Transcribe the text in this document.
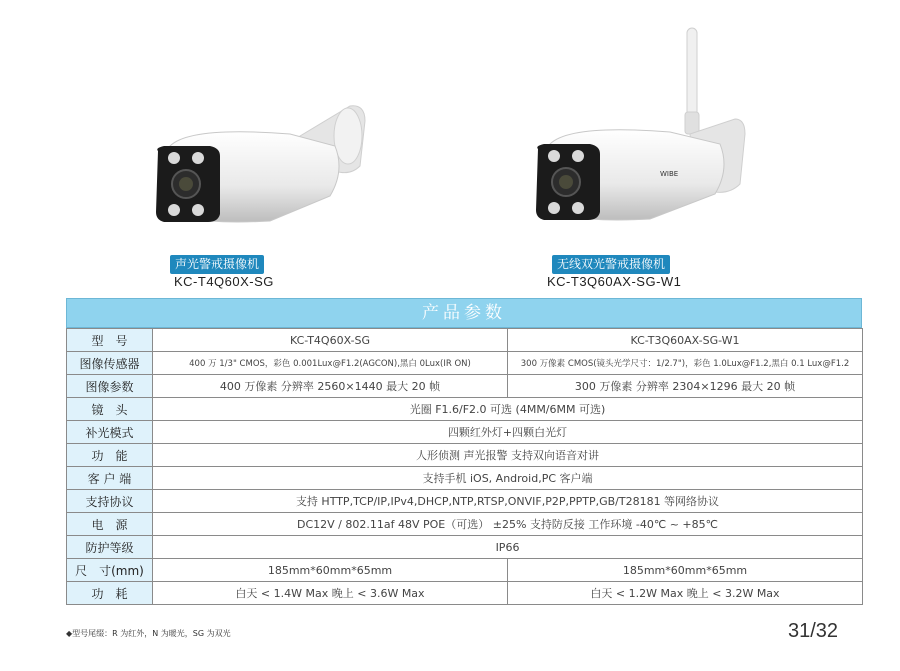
WIBE
声光警戒摄像机
KC-T4Q60X-SG
无线双光警戒摄像机
KC-T3Q60AX-SG-W1
产品参数
型　号	KC-T4Q60X-SG	KC-T3Q60AX-SG-W1
图像传感器	400 万 1/3" CMOS，彩色 0.001Lux@F1.2(AGCON),黑白 0Lux(IR ON)	300 万像素 CMOS(镜头光学尺寸：1/2.7")，彩色 1.0Lux@F1.2,黑白 0.1 Lux@F1.2
图像参数	400 万像素 分辨率 2560×1440 最大 20 帧	300 万像素 分辨率 2304×1296 最大 20 帧
镜　头	光圈 F1.6/F2.0 可选 (4MM/6MM 可选)	
补光模式	四颗红外灯+四颗白光灯	
功　能	人形侦测 声光报警 支持双向语音对讲	
客 户 端	支持手机 iOS, Android,PC 客户端	
支持协议	支持 HTTP,TCP/IP,IPv4,DHCP,NTP,RTSP,ONVIF,P2P,PPTP,GB/T28181 等网络协议	
电　源	DC12V / 802.11af 48V POE（可选） ±25% 支持防反接 工作环境 -40℃ ~ +85℃	
防护等级	IP66	
尺　寸(mm)	185mm*60mm*65mm	185mm*60mm*65mm
功　耗	白天 < 1.4W Max 晚上 < 3.6W Max	白天 < 1.2W Max 晚上 < 3.2W Max
◆型号尾缀：R 为红外，N 为暖光，SG 为双光	31/32
